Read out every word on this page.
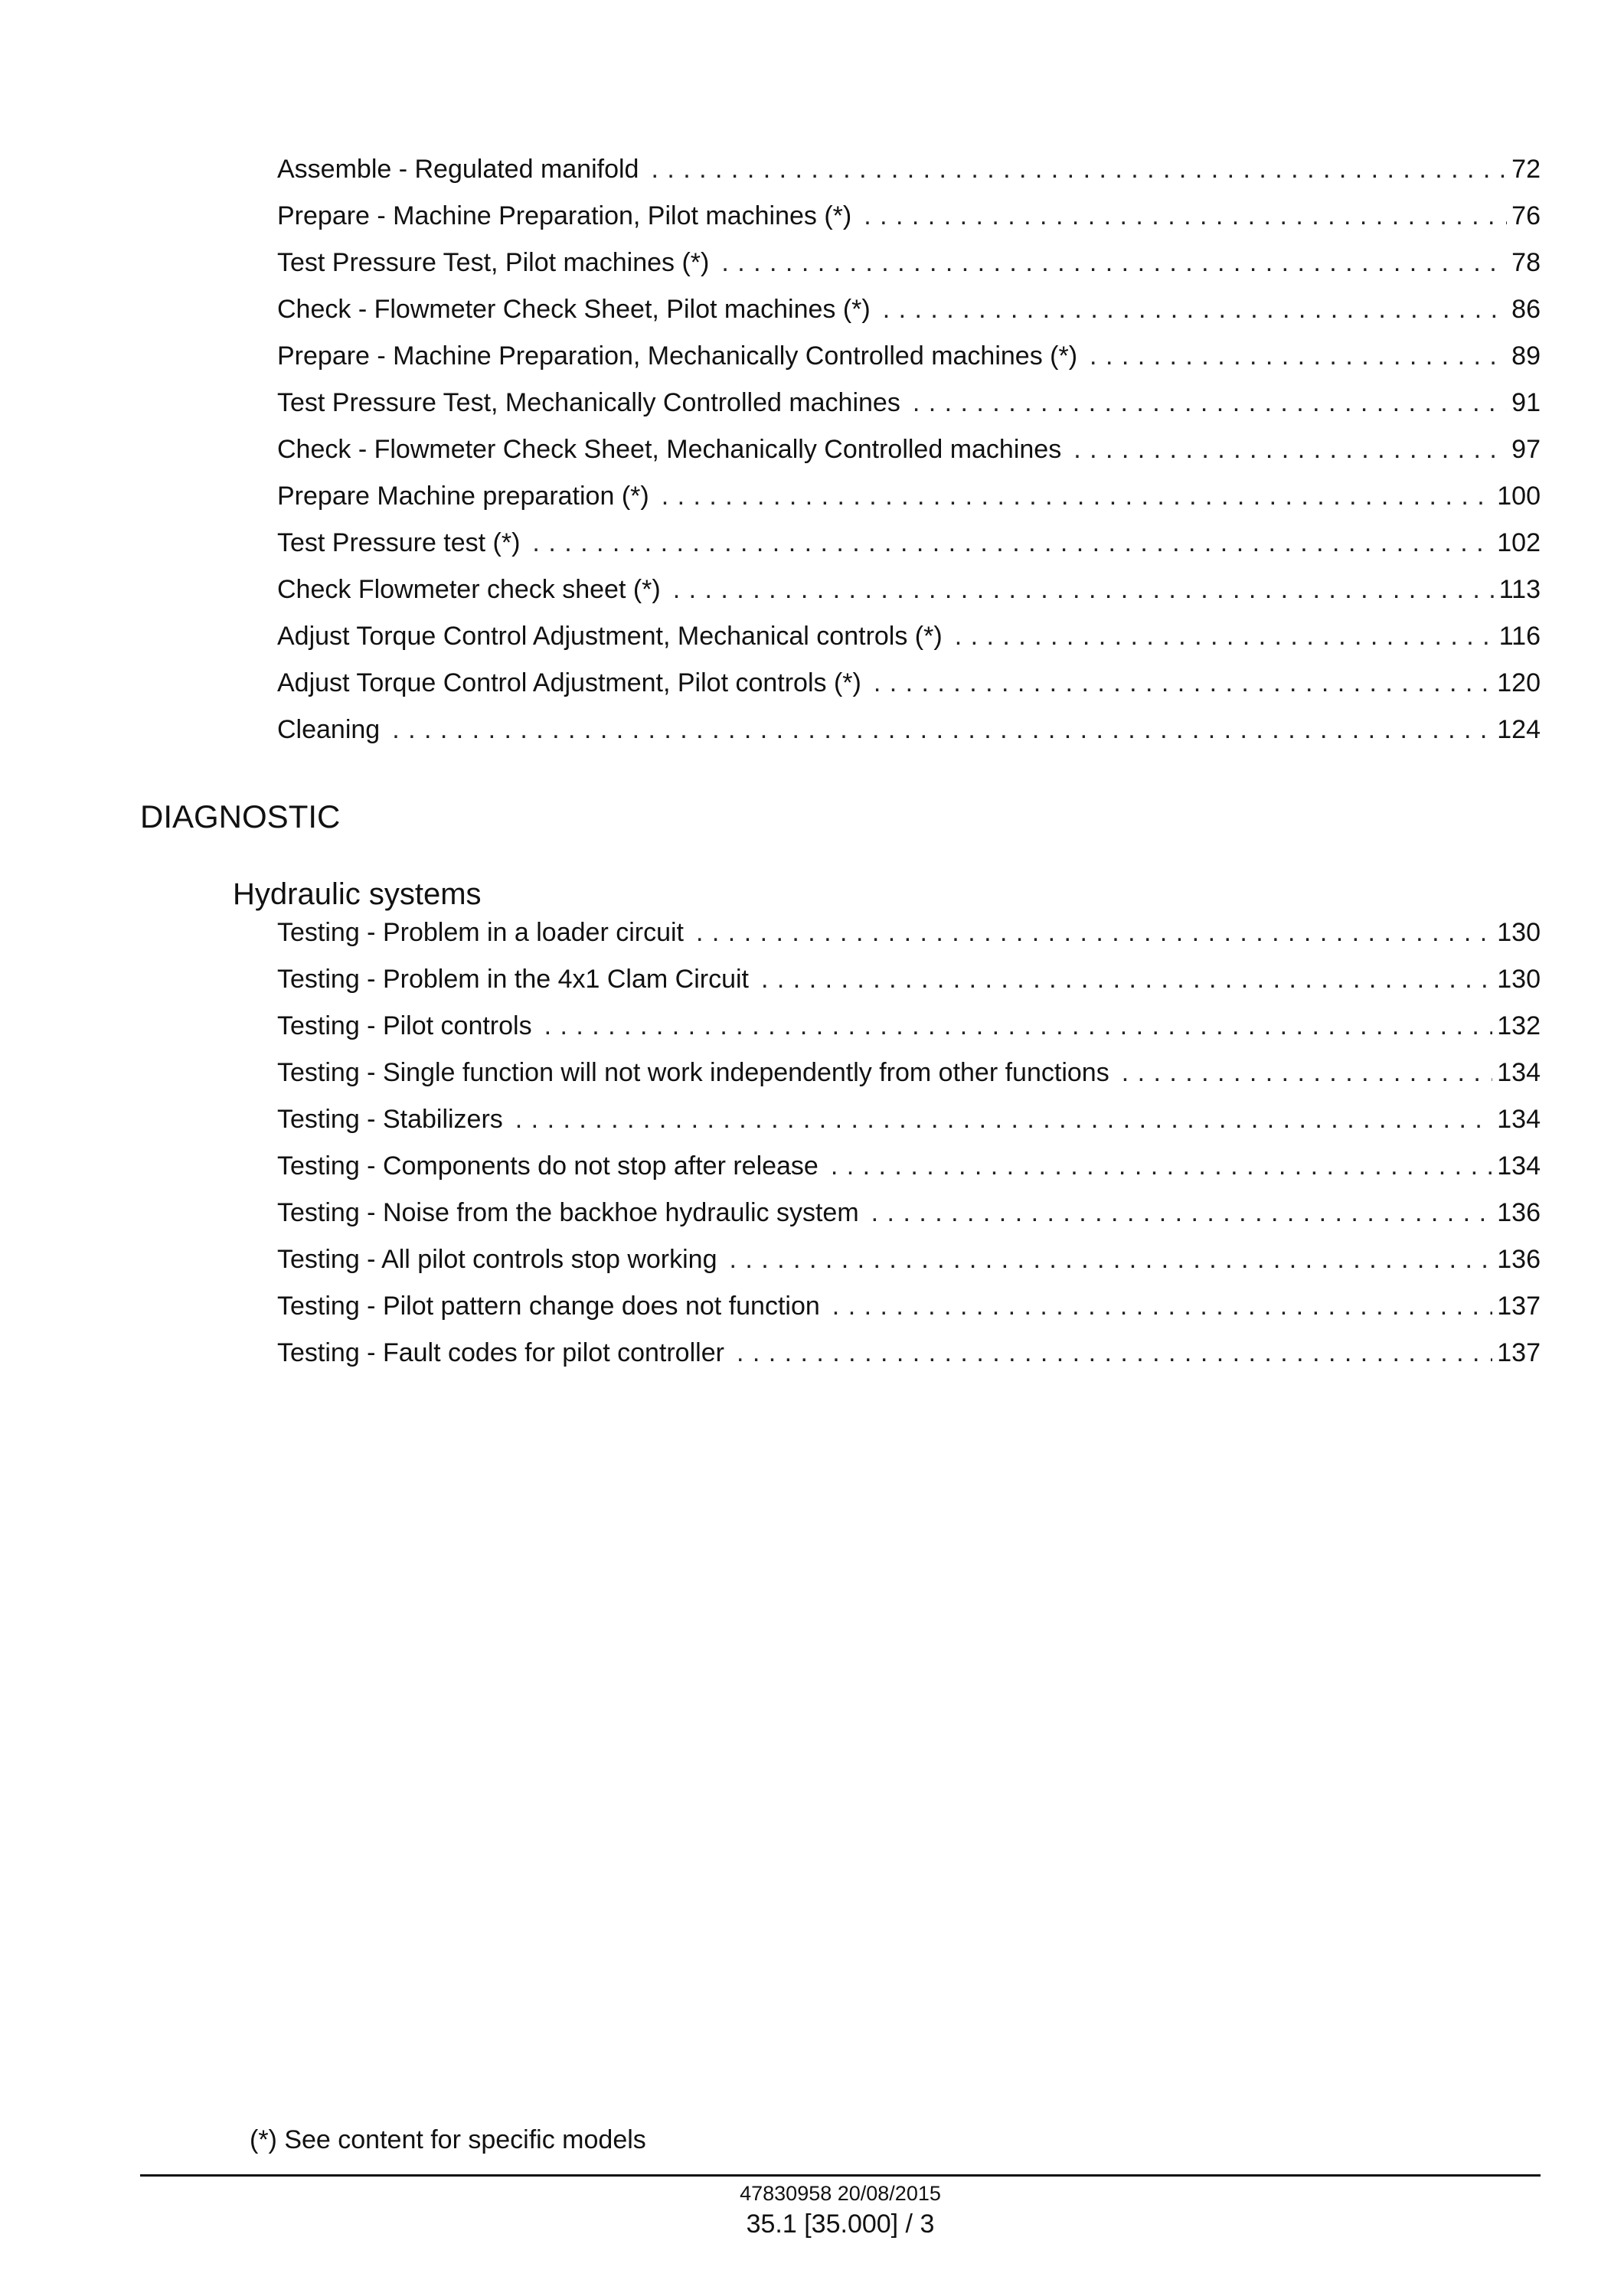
Assemble - Regulated manifold . . .	72
Prepare - Machine Preparation, Pilot machines (*) . . .	76
Test Pressure Test, Pilot machines (*) . . .	78
Check - Flowmeter Check Sheet, Pilot machines (*) . . .	86
Prepare - Machine Preparation, Mechanically Controlled machines (*) . . .	89
Test Pressure Test, Mechanically Controlled machines . . .	91
Check - Flowmeter Check Sheet, Mechanically Controlled machines . . .	97
Prepare Machine preparation (*) . . .	100
Test Pressure test (*) . . .	102
Check Flowmeter check sheet (*) . . .	113
Adjust Torque Control Adjustment, Mechanical controls (*) . . .	116
Adjust Torque Control Adjustment, Pilot controls (*) . . .	120
Cleaning . . .	124
DIAGNOSTIC
Hydraulic systems
Testing - Problem in a loader circuit . . .	130
Testing - Problem in the 4x1 Clam Circuit . . .	130
Testing - Pilot controls . . .	132
Testing - Single function will not work independently from other functions . . .	134
Testing - Stabilizers . . .	134
Testing - Components do not stop after release . . .	134
Testing - Noise from the backhoe hydraulic system . . .	136
Testing - All pilot controls stop working . . .	136
Testing - Pilot pattern change does not function . . .	137
Testing - Fault codes for pilot controller . . .	137
(*) See content for specific models
47830958 20/08/2015
35.1 [35.000] / 3
